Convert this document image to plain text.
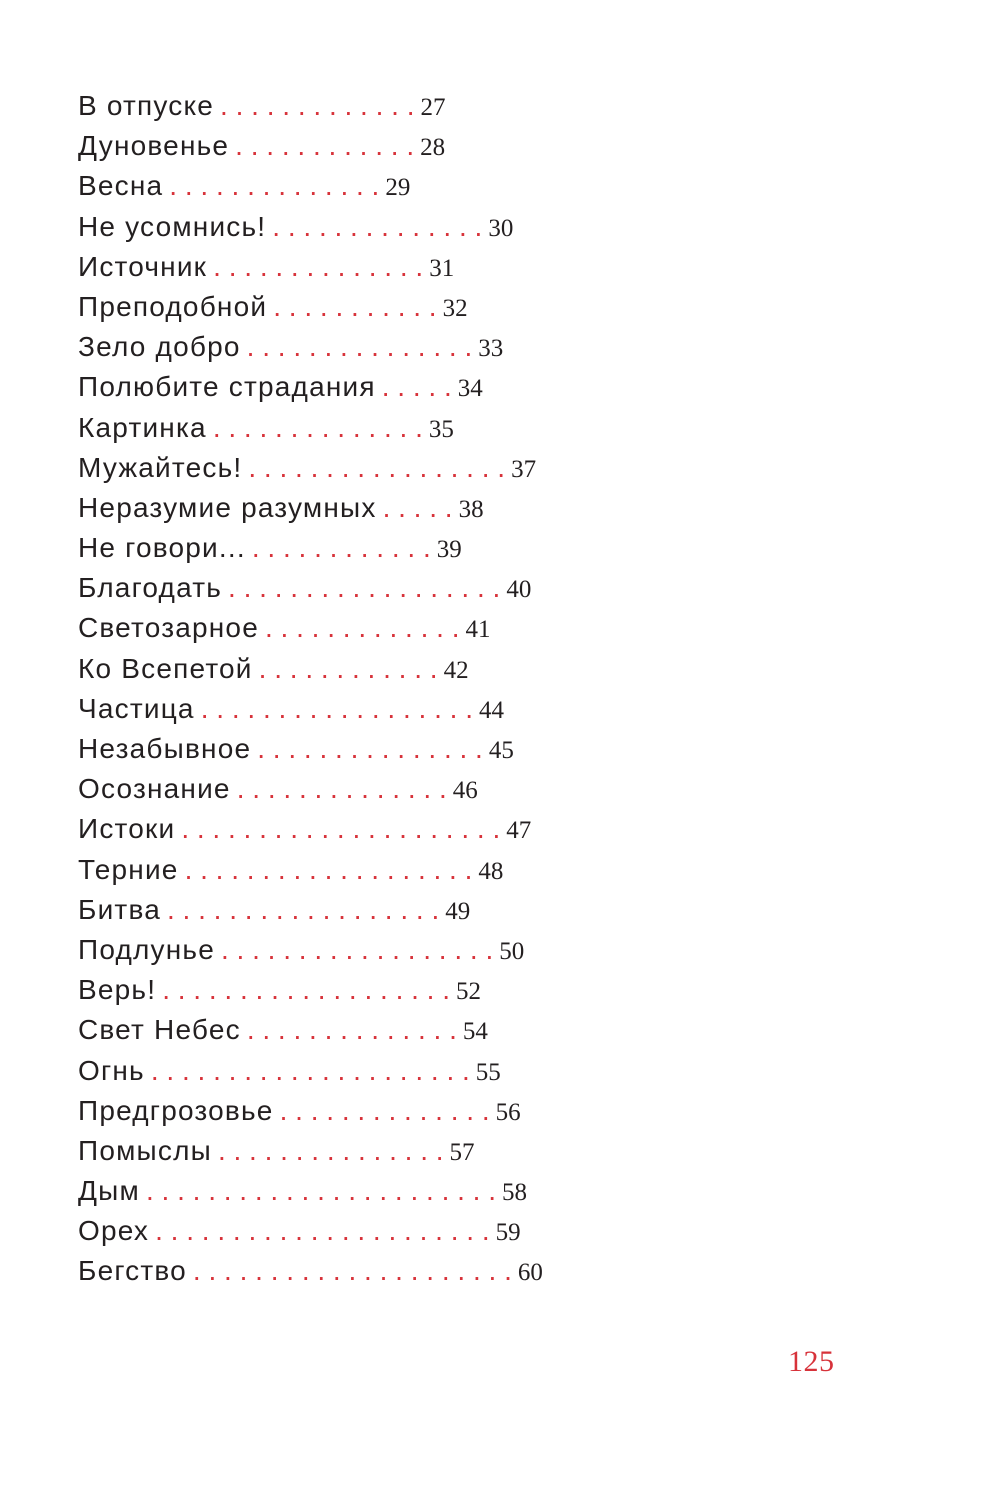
В отпуске . . . . . . . . . . . . . 27
Дуновенье . . . . . . . . . . . . 28
Весна . . . . . . . . . . . . . . 29
Не усомнись! . . . . . . . . . . . . . . 30
Источник . . . . . . . . . . . . . . 31
Преподобной . . . . . . . . . . . 32
Зело добро . . . . . . . . . . . . . . . 33
Полюбите страдания . . . . . 34
Картинка . . . . . . . . . . . . . . 35
Мужайтесь! . . . . . . . . . . . . . . . . . 37
Неразумие разумных . . . . . 38
Не говори... . . . . . . . . . . . . 39
Благодать . . . . . . . . . . . . . . . . . . 40
Светозарное . . . . . . . . . . . . . 41
Ко Всепетой . . . . . . . . . . . . 42
Частица . . . . . . . . . . . . . . . . . . 44
Незабывное . . . . . . . . . . . . . . . 45
Осознание . . . . . . . . . . . . . . 46
Истоки . . . . . . . . . . . . . . . . . . . . . 47
Терние . . . . . . . . . . . . . . . . . . . 48
Битва . . . . . . . . . . . . . . . . . . 49
Подлунье . . . . . . . . . . . . . . . . . . 50
Верь! . . . . . . . . . . . . . . . . . . . 52
Свет Небес . . . . . . . . . . . . . . 54
Огнь . . . . . . . . . . . . . . . . . . . . . 55
Предгрозовье . . . . . . . . . . . . . . 56
Помыслы . . . . . . . . . . . . . . . 57
Дым . . . . . . . . . . . . . . . . . . . . . . . 58
Орех . . . . . . . . . . . . . . . . . . . . . . 59
Бегство . . . . . . . . . . . . . . . . . . . . . 60
125
